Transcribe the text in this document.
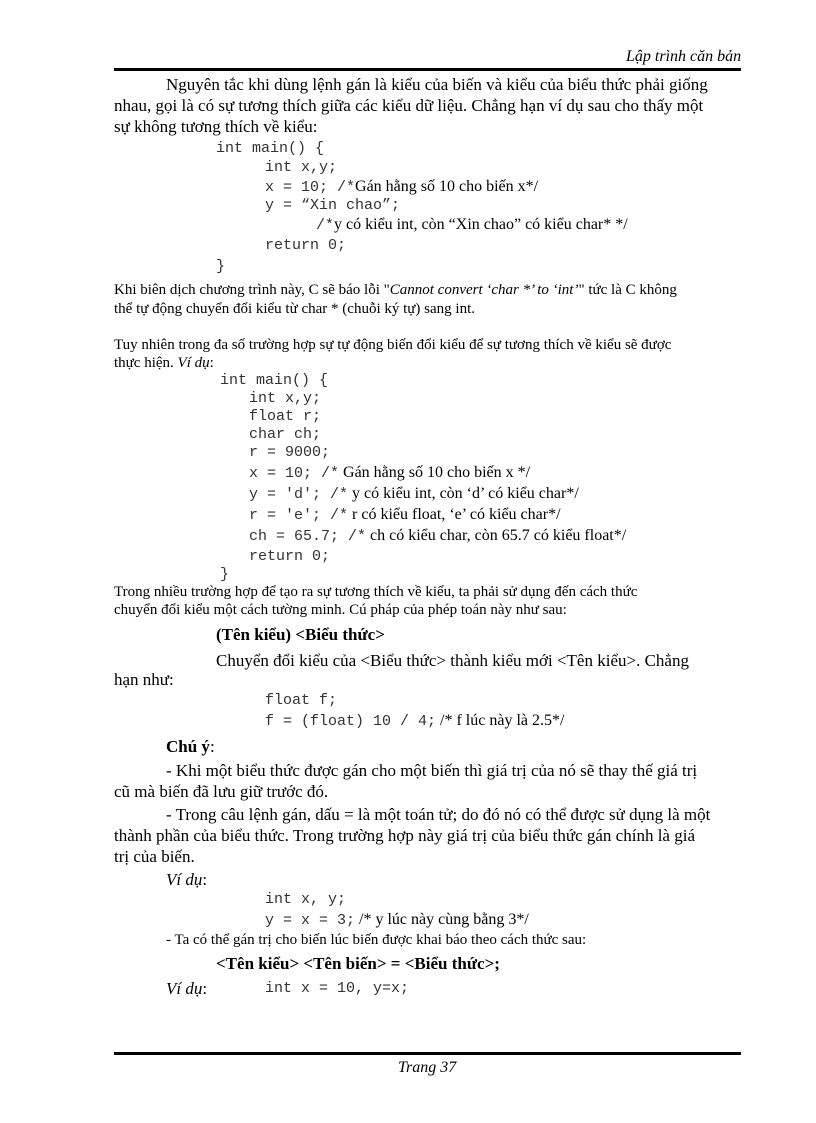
Lập trình căn bản
Nguyên tắc khi dùng lệnh gán là kiểu của biến và kiểu của biểu thức phải giống
nhau, gọi là có sự tương thích giữa các kiểu dữ liệu. Chẳng hạn ví dụ sau cho thấy một
sự không tương thích về kiểu:
int main() {
int x,y;
x = 10; /*Gán hằng số 10 cho biến x*/
y = “Xin chao”;
/*y có kiểu int, còn “Xin chao” có kiểu char* */
return 0;
}
Khi biên dịch chương trình này, C sẽ báo lỗi "Cannot convert ‘char *’ to ‘int’" tức là C không
thể tự động chuyển đổi kiểu từ char * (chuỗi ký tự) sang int.
Tuy nhiên trong đa số trường hợp sự tự động biến đổi kiểu để sự tương thích về kiểu sẽ được
thực hiện. Ví dụ:
int main() {
int x,y;
float r;
char ch;
r = 9000;
x = 10; /* Gán hằng số 10 cho biến x */
y = 'd'; /* y có kiểu int, còn ‘d’ có kiểu char*/
r = 'e'; /* r có kiểu float, ‘e’ có kiểu char*/
ch = 65.7; /* ch có kiểu char, còn 65.7 có kiểu float*/
return 0;
}
Trong nhiều trường hợp để tạo ra sự tương thích về kiểu, ta phải sử dụng đến cách thức
chuyển đổi kiểu một cách tường minh. Cú pháp của phép toán này như sau:
(Tên kiểu) <Biểu thức>
Chuyển đổi kiểu của <Biểu thức> thành kiểu mới <Tên kiểu>. Chẳng
hạn như:
float f;
f = (float) 10 / 4; /* f lúc này là 2.5*/
Chú ý:
- Khi một biểu thức được gán cho một biến thì giá trị của nó sẽ thay thế giá trị
cũ mà biến đã lưu giữ trước đó.
- Trong câu lệnh gán, dấu = là một toán tử; do đó nó có thể được sử dụng là một
thành phần của biểu thức. Trong trường hợp này giá trị của biểu thức gán chính là giá
trị của biến.
Ví dụ:
int x, y;
y = x = 3; /* y lúc này cùng bằng 3*/
- Ta có thể gán trị cho biến lúc biến được khai báo theo cách thức sau:
<Tên kiểu> <Tên biến> = <Biểu thức>;
Ví dụ:	int x = 10, y=x;
Trang 37
